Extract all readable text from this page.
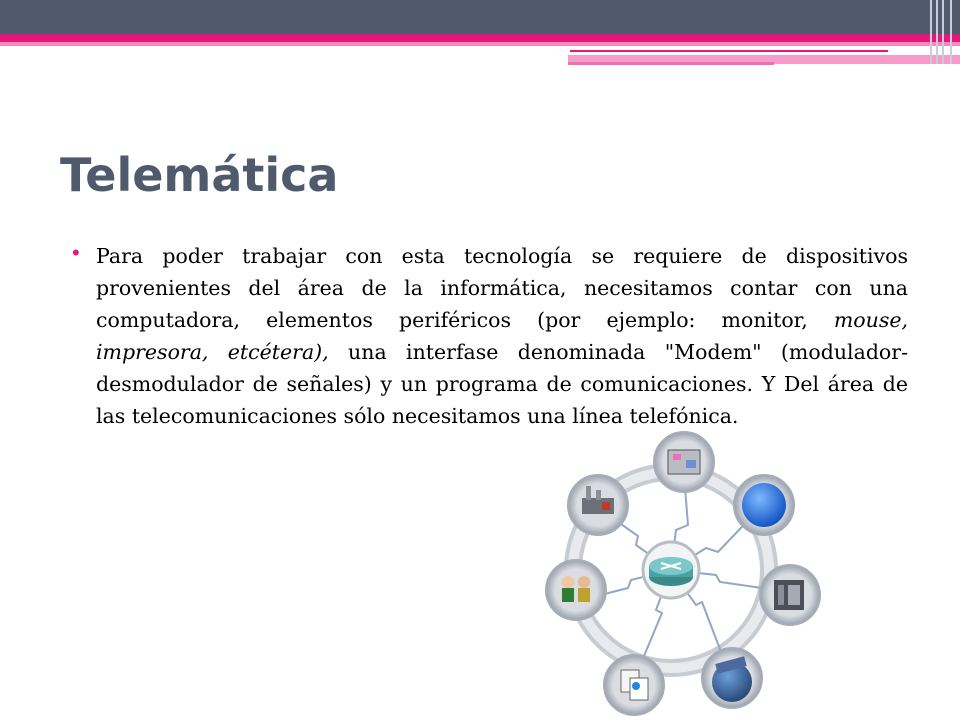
Telemática
• Para poder trabajar con esta tecnología se requiere de dispositivos provenientes del área de la informática, necesitamos contar con una computadora, elementos periféricos (por ejemplo: monitor, mouse, impresora, etcétera), una interfase denominada "Modem" (modulador-desmodulador de señales) y un programa de comunicaciones. Y Del área de las telecomunicaciones sólo necesitamos una línea telefónica.
